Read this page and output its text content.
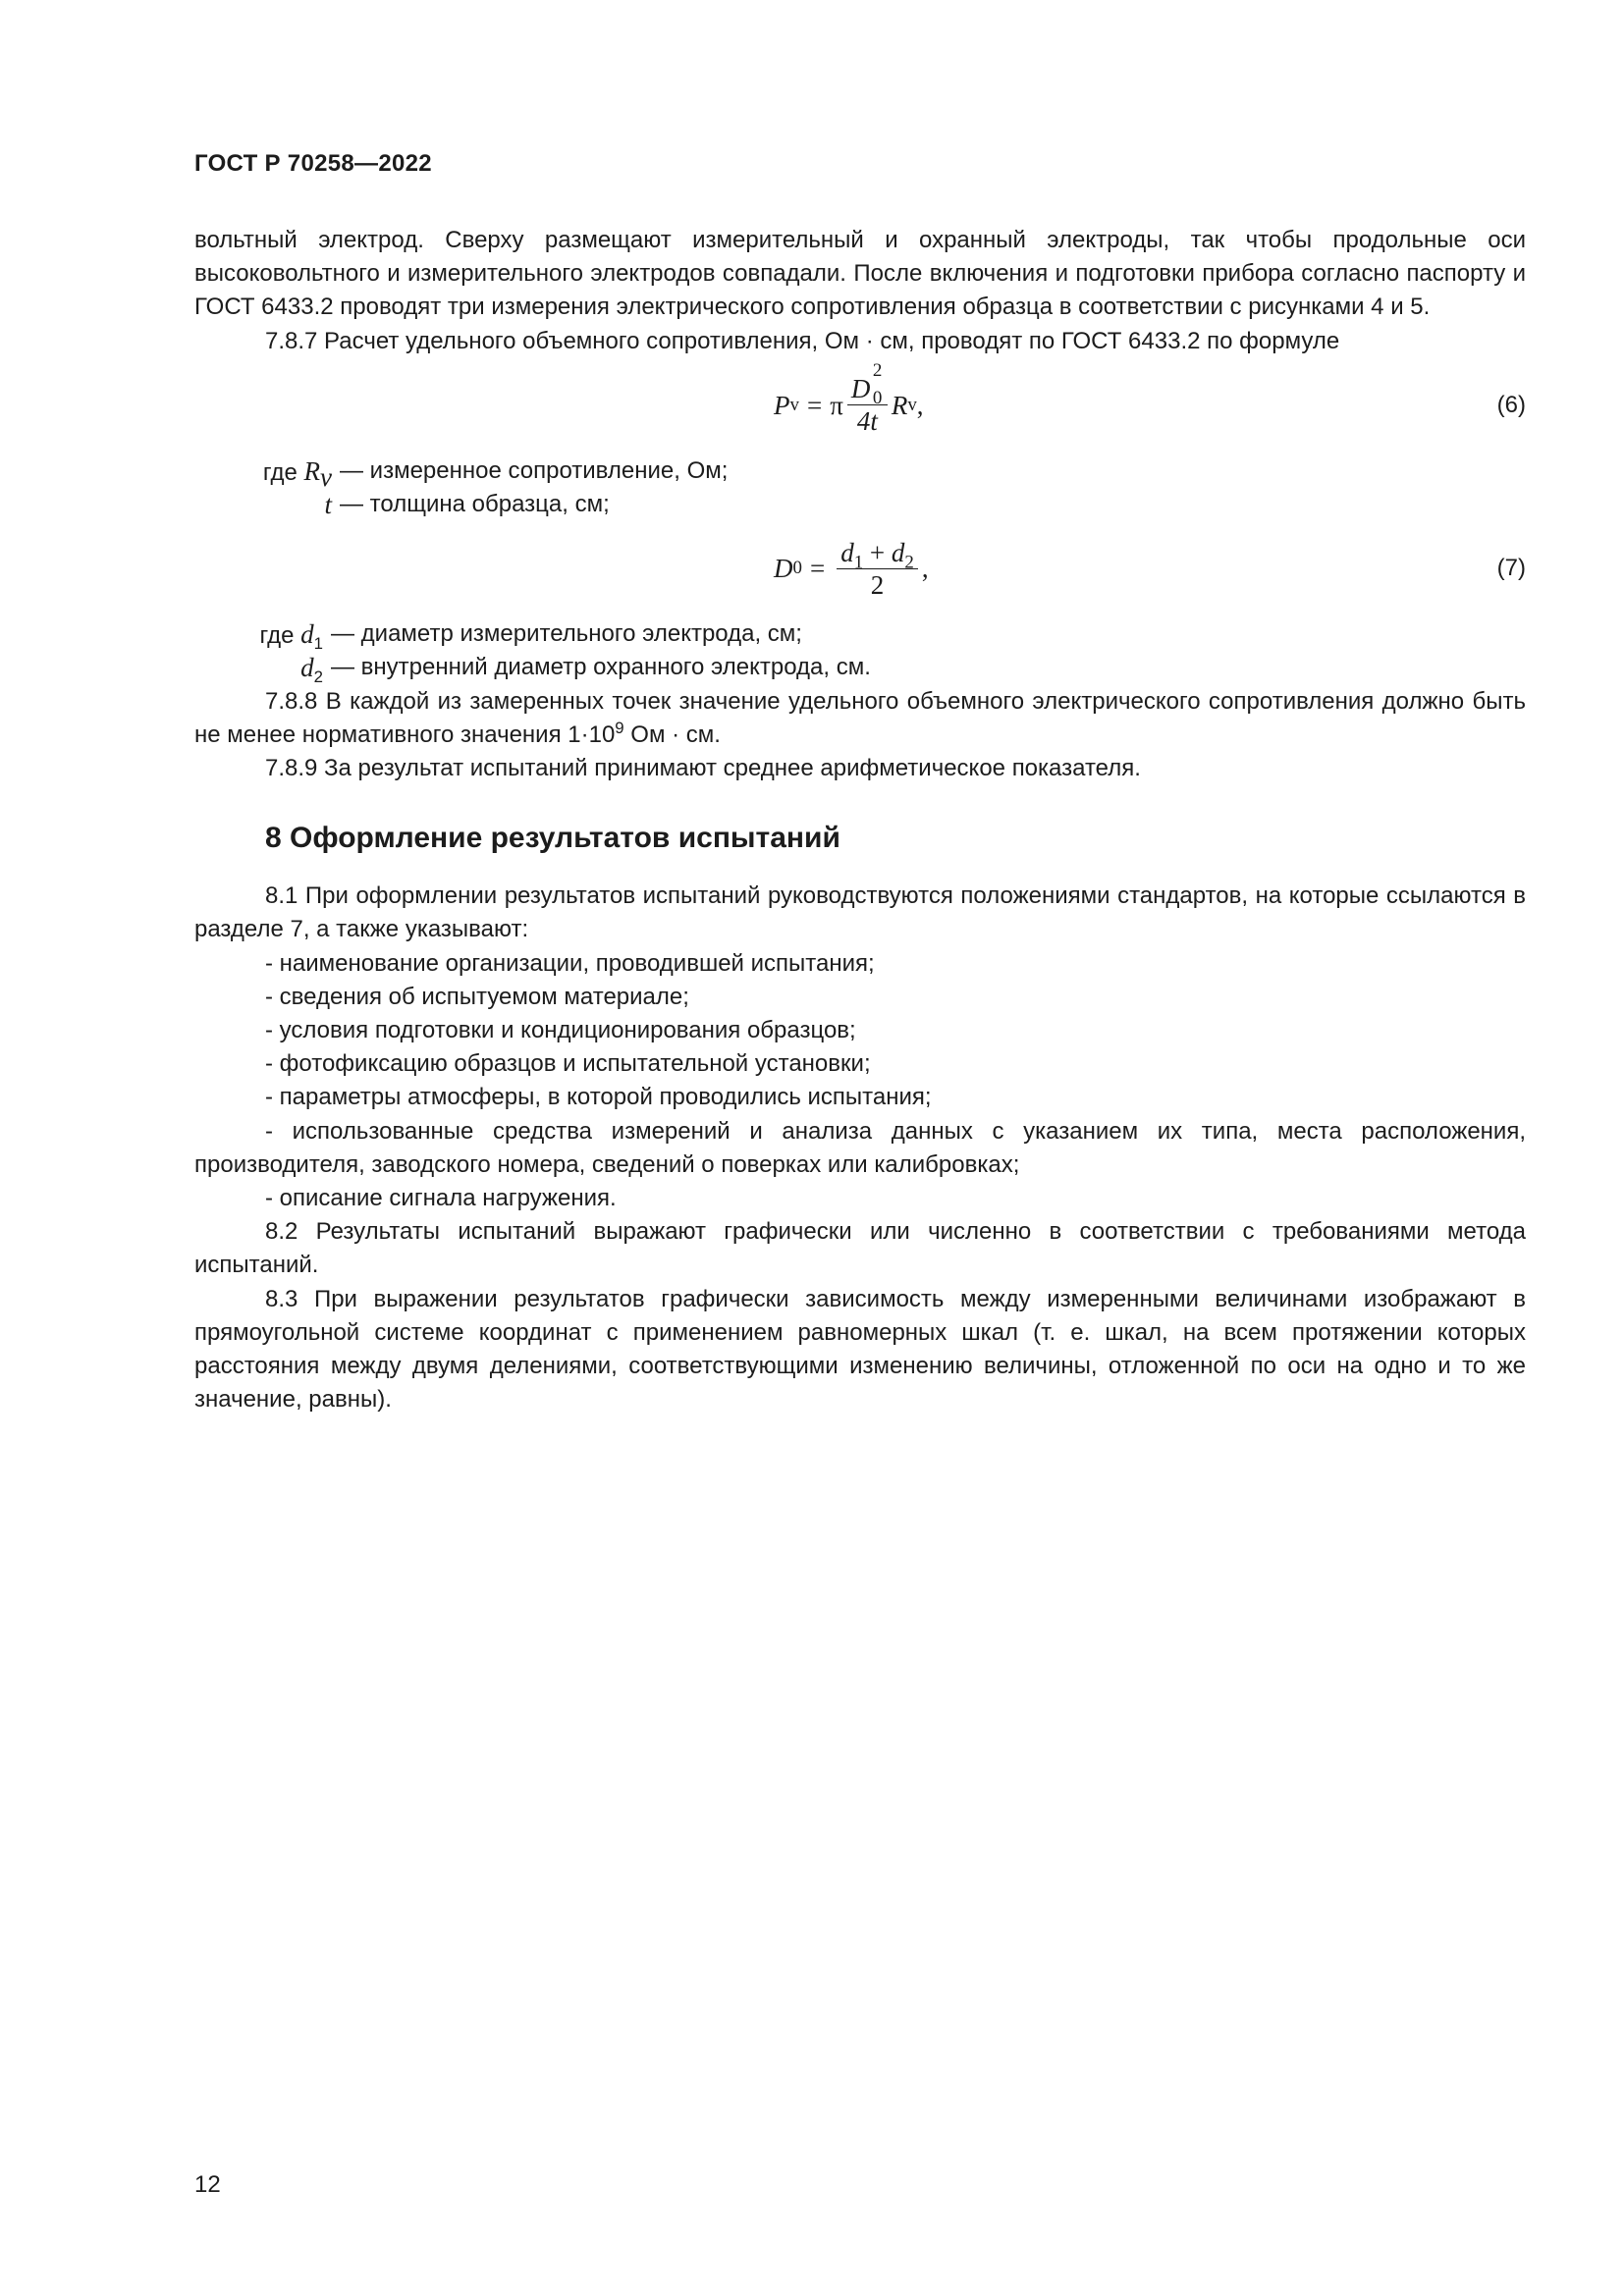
ГОСТ Р 70258—2022

вольтный электрод. Сверху размещают измерительный и охранный электроды, так чтобы продольные оси высоковольтного и измерительного электродов совпадали. После включения и подготовки прибора согласно паспорту и ГОСТ 6433.2 проводят три измерения электрического сопротивления образца в соответствии с рисунками 4 и 5.

7.8.7 Расчет удельного объемного сопротивления, Ом · см, проводят по ГОСТ 6433.2 по формуле

P v = π D
2
0

4t R v ,	(6)
где $R_v$ — измеренное сопротивление, Ом;
t — толщина образца, см;
D $0 = \frac{d_1 + d_2}{2}$ ,	(7)
где $d_1$ — диаметр измерительного электрода, см;
$d_2$ — внутренний диаметр охранного электрода, см.

7.8.8 В каждой из замеренных точек значение удельного объемного электрического сопротивления должно быть не менее нормативного значения $1\cdot 10^9$ Ом · см.

7.8.9 За результат испытаний принимают среднее арифметическое показателя.

8 Оформление результатов испытаний

8.1 При оформлении результатов испытаний руководствуются положениями стандартов, на которые ссылаются в разделе 7, а также указывают:

- наименование организации, проводившей испытания;

- сведения об испытуемом материале;

- условия подготовки и кондиционирования образцов;

- фотофиксацию образцов и испытательной установки;

- параметры атмосферы, в которой проводились испытания;

- использованные средства измерений и анализа данных с указанием их типа, места расположения, производителя, заводского номера, сведений о поверках или калибровках;

- описание сигнала нагружения.

8.2 Результаты испытаний выражают графически или численно в соответствии с требованиями метода испытаний.

8.3 При выражении результатов графически зависимость между измеренными величинами изображают в прямоугольной системе координат с применением равномерных шкал (т. е. шкал, на всем протяжении которых расстояния между двумя делениями, соответствующими изменению величины, отложенной по оси на одно и то же значение, равны).

12
